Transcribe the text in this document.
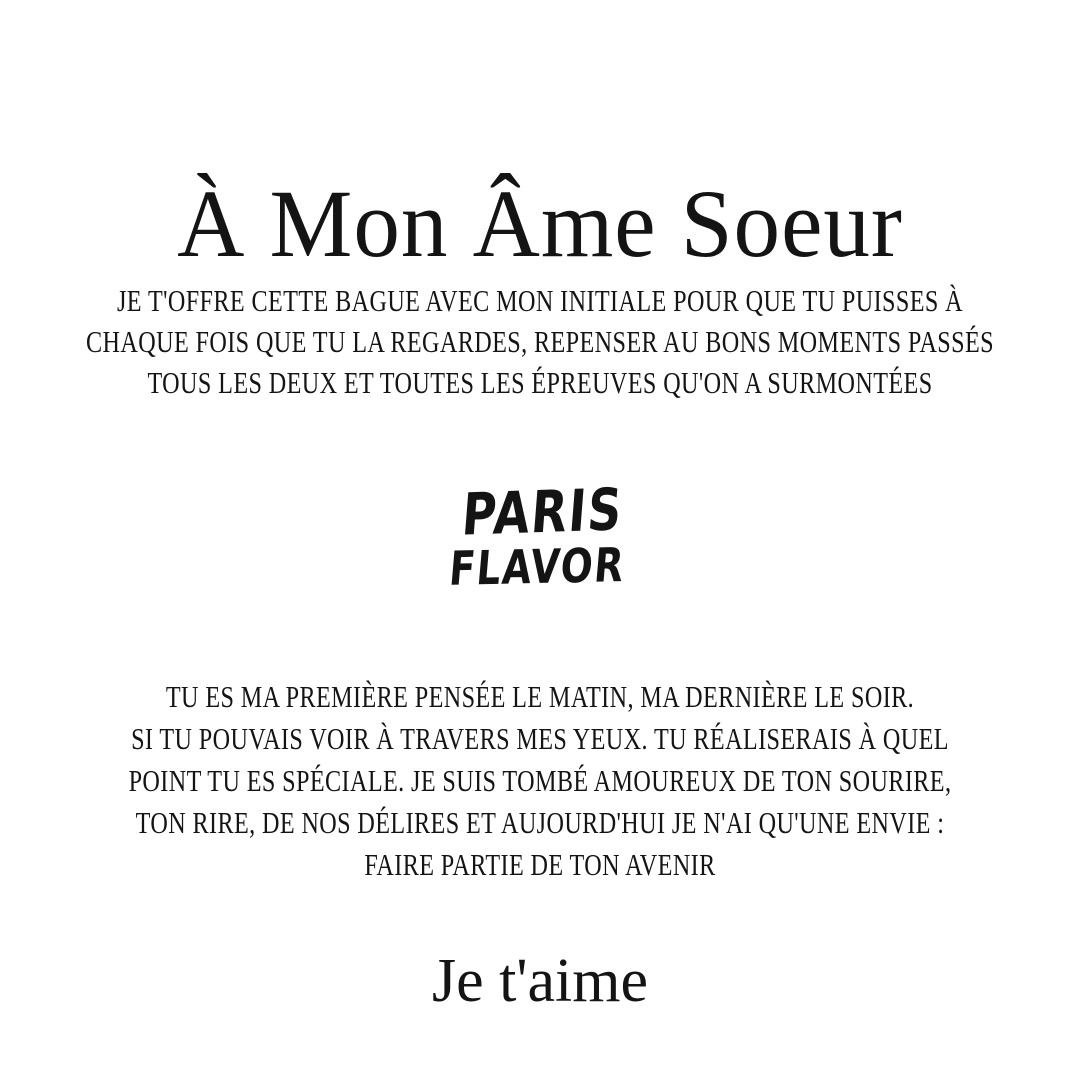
À Mon Âme Soeur
JE T'OFFRE CETTE BAGUE AVEC MON INITIALE POUR QUE TU PUISSES À
CHAQUE FOIS QUE TU LA REGARDES, REPENSER AU BONS MOMENTS PASSÉS
TOUS LES DEUX ET TOUTES LES ÉPREUVES QU'ON A SURMONTÉES
PARIS
FLAVOR
TU ES MA PREMIÈRE PENSÉE LE MATIN, MA DERNIÈRE LE SOIR.
SI TU POUVAIS VOIR À TRAVERS MES YEUX. TU RÉALISERAIS À QUEL
POINT TU ES SPÉCIALE. JE SUIS TOMBÉ AMOUREUX DE TON SOURIRE,
TON RIRE, DE NOS DÉLIRES ET AUJOURD'HUI JE N'AI QU'UNE ENVIE :
FAIRE PARTIE DE TON AVENIR
Je t'aime
